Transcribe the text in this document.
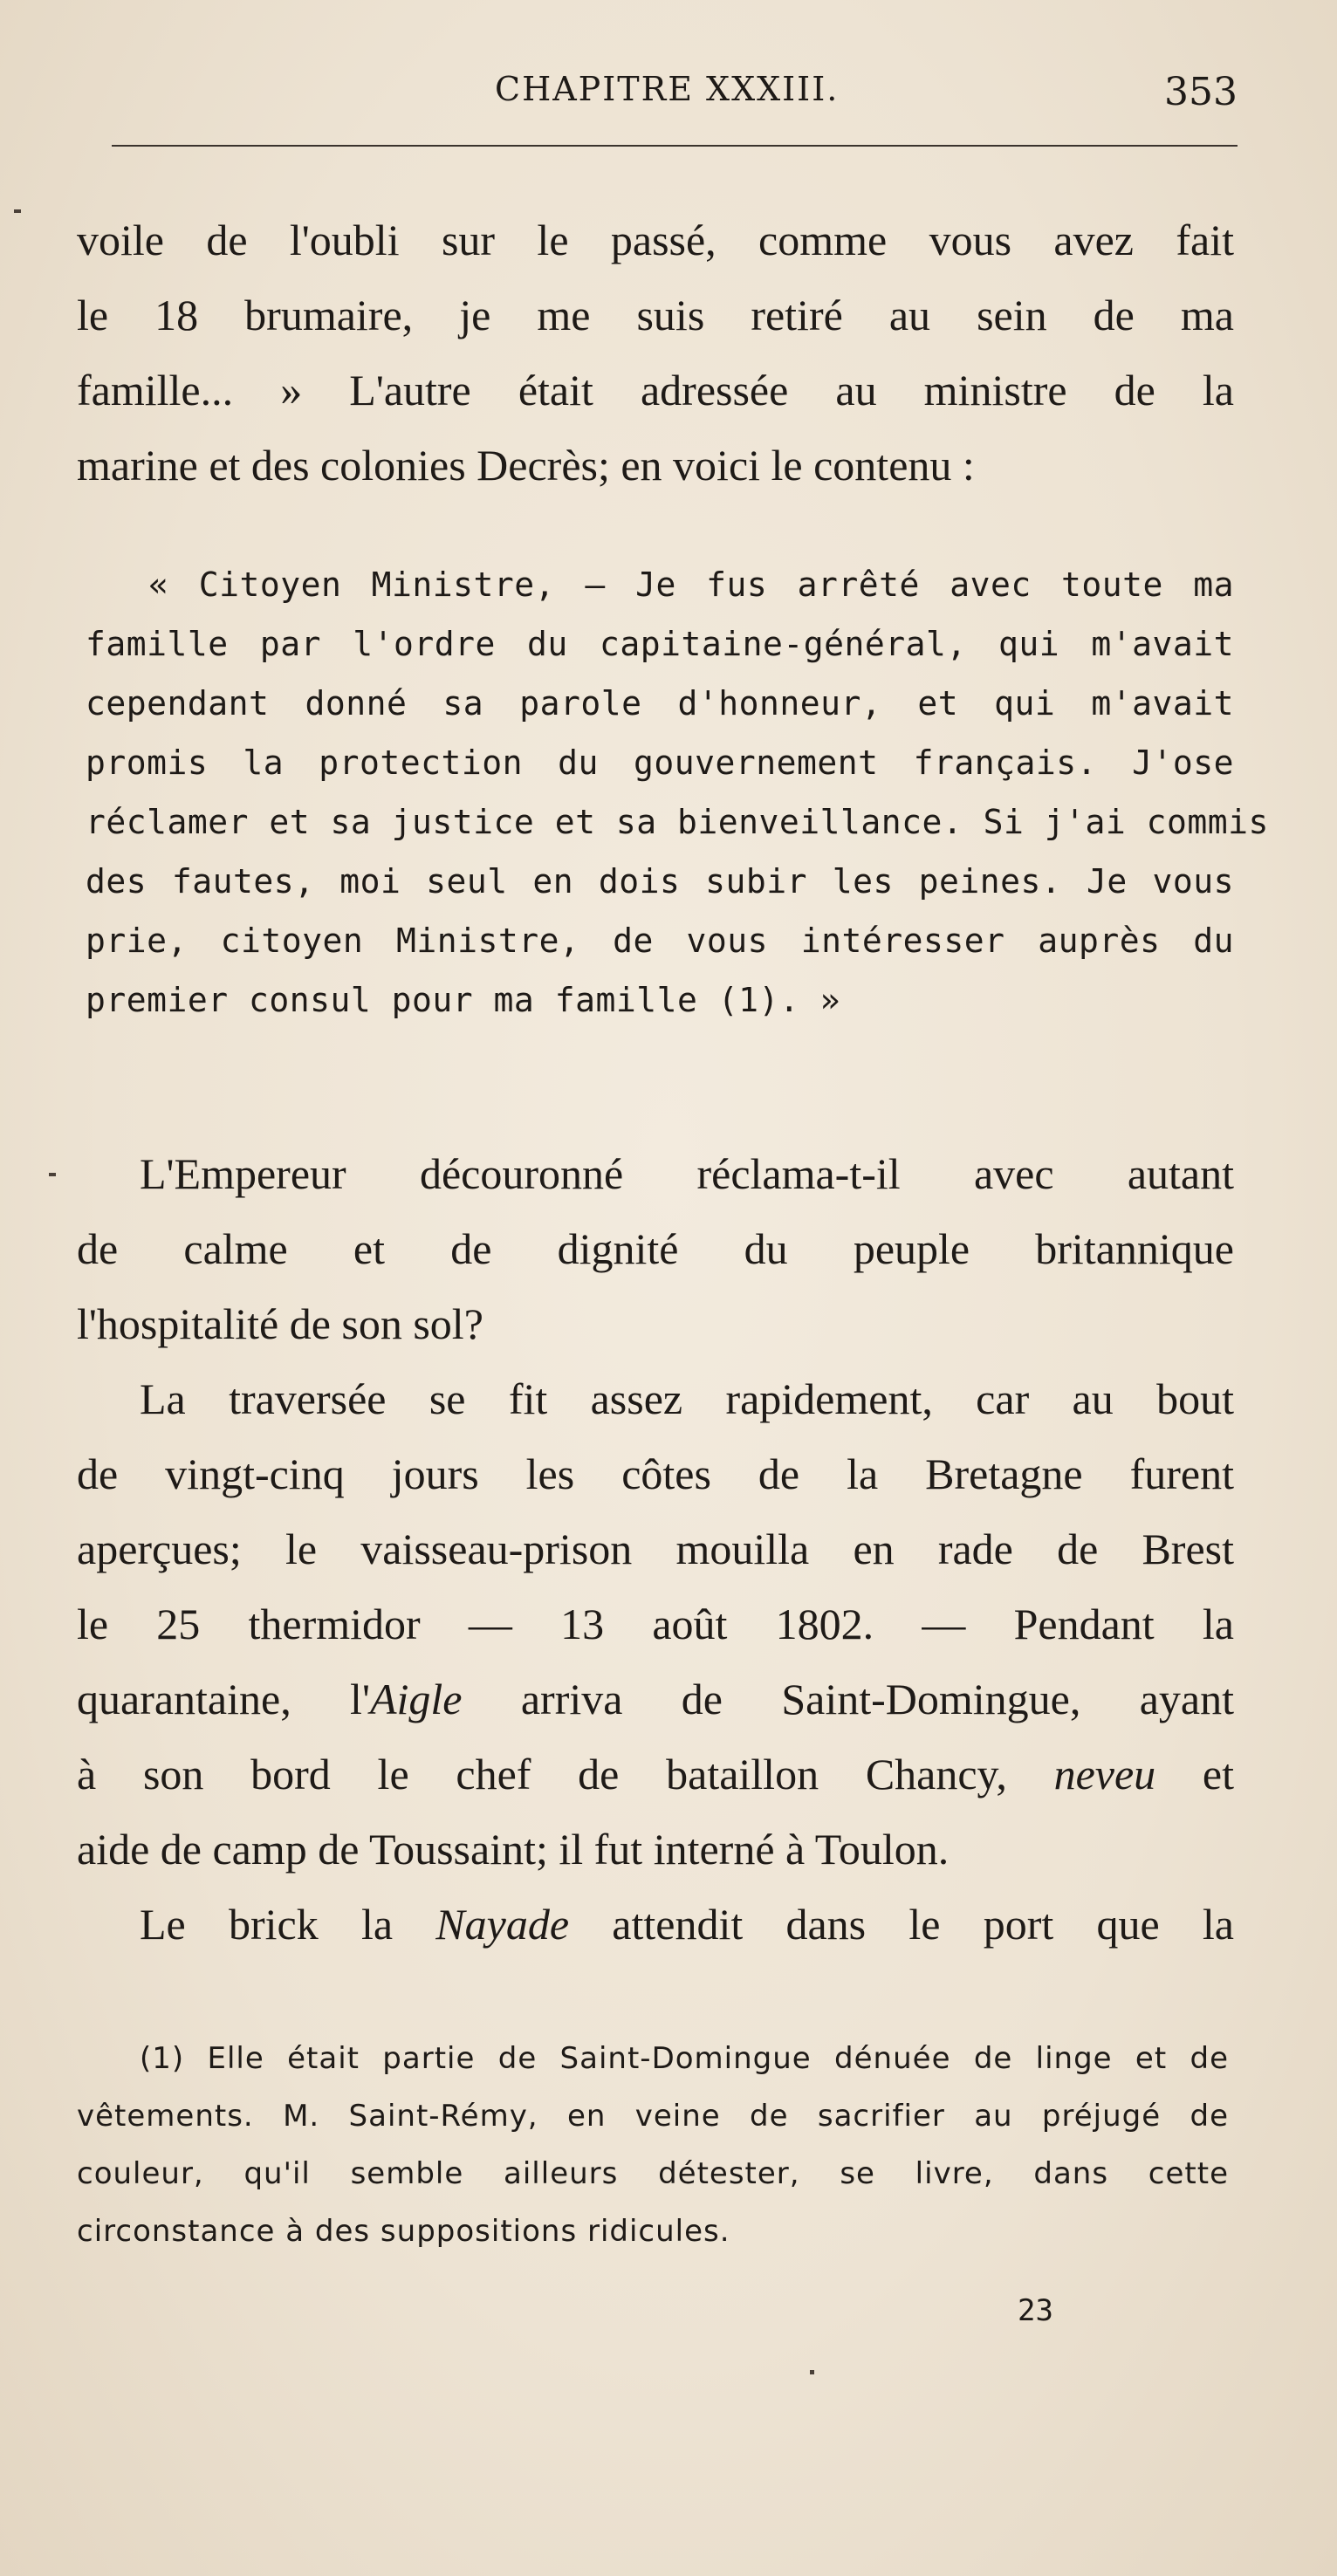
CHAPITRE XXXIII.	353
voile de l'oubli sur le passé, comme vous avez fait
le 18 brumaire, je me suis retiré au sein de ma
famille... » L'autre était adressée au ministre de la
marine et des colonies Decrès; en voici le contenu :
« Citoyen Ministre, — Je fus arrêté avec toute ma
famille par l'ordre du capitaine-général, qui m'avait
cependant donné sa parole d'honneur, et qui m'avait
promis la protection du gouvernement français. J'ose
réclamer et sa justice et sa bienveillance. Si j'ai commis
des fautes, moi seul en dois subir les peines. Je vous
prie, citoyen Ministre, de vous intéresser auprès du
premier consul pour ma famille (1). »
L'Empereur découronné réclama-t-il avec autant
de calme et de dignité du peuple britannique
l'hospitalité de son sol?
La traversée se fit assez rapidement, car au bout
de vingt-cinq jours les côtes de la Bretagne furent
aperçues; le vaisseau-prison mouilla en rade de Brest
le 25 thermidor — 13 août 1802. — Pendant la
quarantaine, l'Aigle arriva de Saint-Domingue, ayant
à son bord le chef de bataillon Chancy, neveu et
aide de camp de Toussaint; il fut interné à Toulon.
Le brick la Nayade attendit dans le port que la
(1) Elle était partie de Saint-Domingue dénuée de linge et de
vêtements. M. Saint-Rémy, en veine de sacrifier au préjugé de
couleur, qu'il semble ailleurs détester, se livre, dans cette
circonstance à des suppositions ridicules.
23
